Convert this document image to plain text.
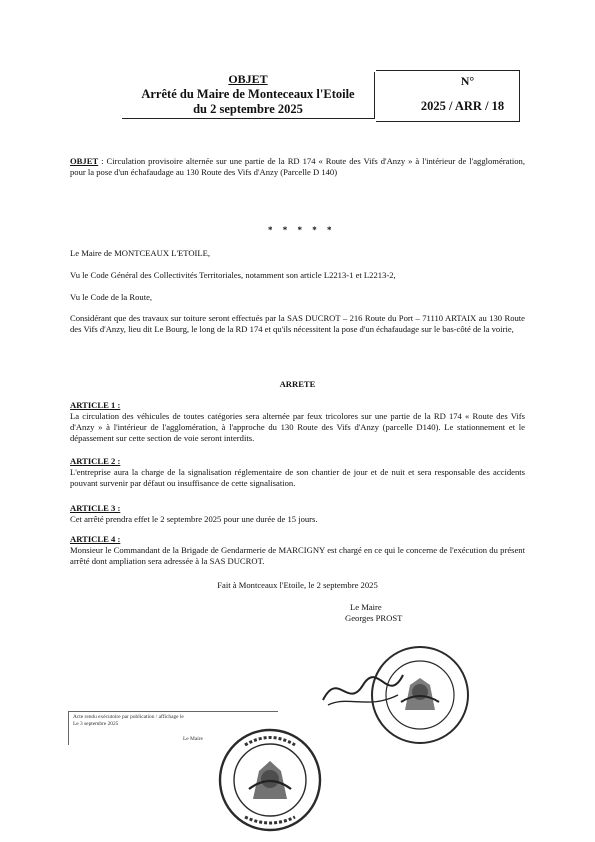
OBJET
Arrêté du Maire de Monteceaux l'Etoile
du 2 septembre 2025
N°
2025 / ARR / 18
OBJET : Circulation provisoire alternée sur une partie de la RD 174 « Route des Vifs d'Anzy » à l'intérieur de l'agglomération, pour la pose d'un échafaudage au 130 Route des Vifs d'Anzy (Parcelle D 140)
* * * * *
Le Maire de MONTCEAUX L'ETOILE,
Vu le Code Général des Collectivités Territoriales, notamment son article L2213-1 et L2213-2,
Vu le Code de la Route,
Considérant que des travaux sur toiture seront effectués par la SAS DUCROT – 216 Route du Port – 71110 ARTAIX au 130 Route des Vifs d'Anzy, lieu dit Le Bourg, le long de la RD 174 et qu'ils nécessitent la pose d'un échafaudage sur le bas-côté de la voirie,
ARRETE
ARTICLE 1 :
La circulation des véhicules de toutes catégories sera alternée par feux tricolores sur une partie de la RD 174 « Route des Vifs d'Anzy » à l'intérieur de l'agglomération, à l'approche du 130 Route des Vifs d'Anzy (parcelle D140). Le stationnement et le dépassement sur cette section de voie seront interdits.
ARTICLE 2 :
L'entreprise aura la charge de la signalisation réglementaire de son chantier de jour et de nuit et sera responsable des accidents pouvant survenir par défaut ou insuffisance de cette signalisation.
ARTICLE 3 :
Cet arrêté prendra effet le 2 septembre 2025 pour une durée de 15 jours.
ARTICLE 4 :
Monsieur le Commandant de la Brigade de Gendarmerie de MARCIGNY est chargé en ce qui le concerne de l'exécution du présent arrêté dont ampliation sera adressée à la SAS DUCROT.
Fait à Montceaux l'Etoile, le 2 septembre 2025
Le Maire
Georges PROST
Acte rendu exécutoire par publication / affichage le
Le 3 septembre 2025
Le Maire
